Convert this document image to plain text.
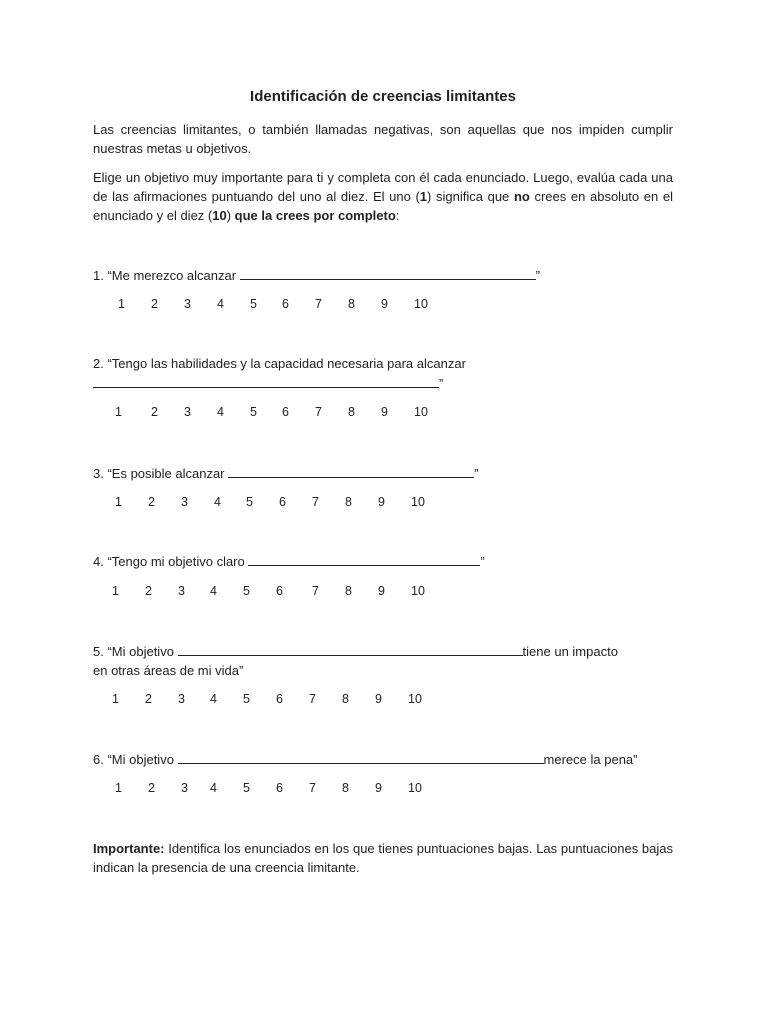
Identificación de creencias limitantes
Las creencias limitantes, o también llamadas negativas, son aquellas que nos impiden cumplir nuestras metas u objetivos.
Elige un objetivo muy importante para ti y completa con él cada enunciado. Luego, evalúa cada una de las afirmaciones puntuando del uno al diez. El uno (1) significa que no crees en absoluto en el enunciado y el diez (10) que la crees por completo:
1. “Me merezco alcanzar	”
1 2 3 4 5 6 7 8 9 10
2. “Tengo las habilidades y la capacidad necesaria para alcanzar
”
1 2 3 4 5 6 7 8 9 10
3. “Es posible alcanzar	”
1 2 3 4 5 6 7 8 9 10
4. “Tengo mi objetivo claro	”
1 2 3 4 5 6 7 8 9 10
5. “Mi objetivo	tiene un impacto
en otras áreas de mi vida”
1 2 3 4 5 6 7 8 9 10
6. “Mi objetivo	merece la pena”
1 2 3 4 5 6 7 8 9 10
Importante: Identifica los enunciados en los que tienes puntuaciones bajas. Las puntuaciones bajas indican la presencia de una creencia limitante.
